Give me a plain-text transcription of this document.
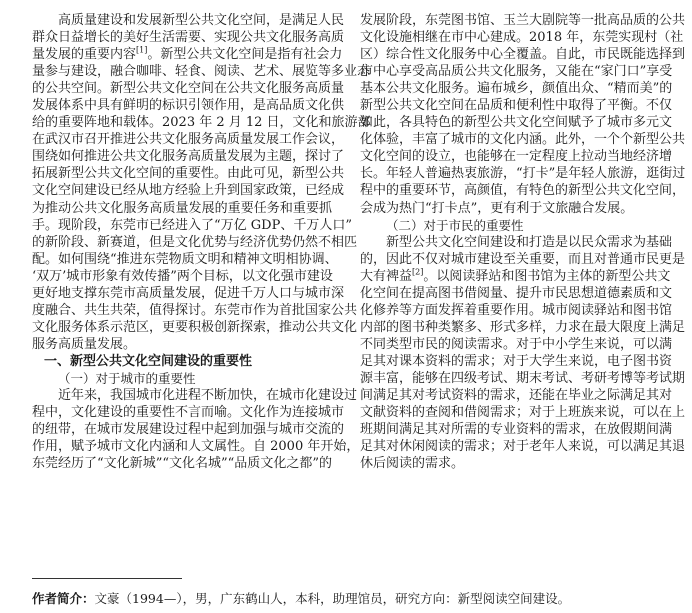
高质量建设和发展新型公共文化空间，是满足人民
群众日益增长的美好生活需要、实现公共文化服务高质
量发展的重要内容[1]。新型公共文化空间是指有社会力
量参与建设，融合咖啡、轻食、阅读、艺术、展览等多业态
的公共空间。新型公共文化空间在公共文化服务高质量
发展体系中具有鲜明的标识引领作用，是高品质文化供
给的重要阵地和载体。2023 年 2 月 12 日，文化和旅游部
在武汉市召开推进公共文化服务高质量发展工作会议，
围绕如何推进公共文化服务高质量发展为主题，探讨了
拓展新型公共文化空间的重要性。由此可见，新型公共
文化空间建设已经从地方经验上升到国家政策，已经成
为推动公共文化服务高质量发展的重要任务和重要抓
手。现阶段，东莞市已经进入了“万亿 GDP、千万人口”
的新阶段、新赛道，但是文化优势与经济优势仍然不相匹
配。如何围绕“推进东莞物质文明和精神文明相协调、
‘双万’城市形象有效传播”两个目标，以文化强市建设
更好地支撑东莞市高质量发展，促进千万人口与城市深
度融合、共生共荣，值得探讨。东莞市作为首批国家公共
文化服务体系示范区，更要积极创新探索，推动公共文化
服务高质量发展。
一、新型公共文化空间建设的重要性
（一）对于城市的重要性
近年来，我国城市化进程不断加快，在城市化建设过
程中，文化建设的重要性不言而喻。文化作为连接城市
的纽带，在城市发展建设过程中起到加强与城市交流的
作用，赋予城市文化内涵和人文属性。自 2000 年开始，
东莞经历了“文化新城”“文化名城”“品质文化之都”的
发展阶段，东莞图书馆、玉兰大剧院等一批高品质的公共
文化设施相继在市中心建成。2018 年，东莞实现村（社
区）综合性文化服务中心全覆盖。自此，市民既能选择到
市中心享受高品质公共文化服务，又能在“家门口”享受
基本公共文化服务。遍布城乡，颜值出众、“精而美”的
新型公共文化空间在品质和便利性中取得了平衡。不仅
如此，各具特色的新型公共文化空间赋予了城市多元文
化体验，丰富了城市的文化内涵。此外，一个个新型公共
文化空间的设立，也能够在一定程度上拉动当地经济增
长。年轻人普遍热衷旅游，“打卡”是年轻人旅游，逛街过
程中的重要环节，高颜值，有特色的新型公共文化空间，
会成为热门“打卡点”，更有利于文旅融合发展。
（二）对于市民的重要性
新型公共文化空间建设和打造是以民众需求为基础
的，因此不仅对城市建设至关重要，而且对普通市民更是
大有裨益[2]。以阅读驿站和图书馆为主体的新型公共文
化空间在提高图书借阅量、提升市民思想道德素质和文
化修养等方面发挥着重要作用。城市阅读驿站和图书馆
内部的图书种类繁多、形式多样，力求在最大限度上满足
不同类型市民的阅读需求。对于中小学生来说，可以满
足其对课本资料的需求；对于大学生来说，电子图书资
源丰富，能够在四级考试、期末考试、考研考博等考试期
间满足其对考试资料的需求，还能在毕业之际满足其对
文献资料的查阅和借阅需求；对于上班族来说，可以在上
班期间满足其对所需的专业资料的需求，在放假期间满
足其对休闲阅读的需求；对于老年人来说，可以满足其退
休后阅读的需求。
作者简介：文豪（1994—），男，广东鹤山人，本科，助理馆员，研究方向：新型阅读空间建设。
